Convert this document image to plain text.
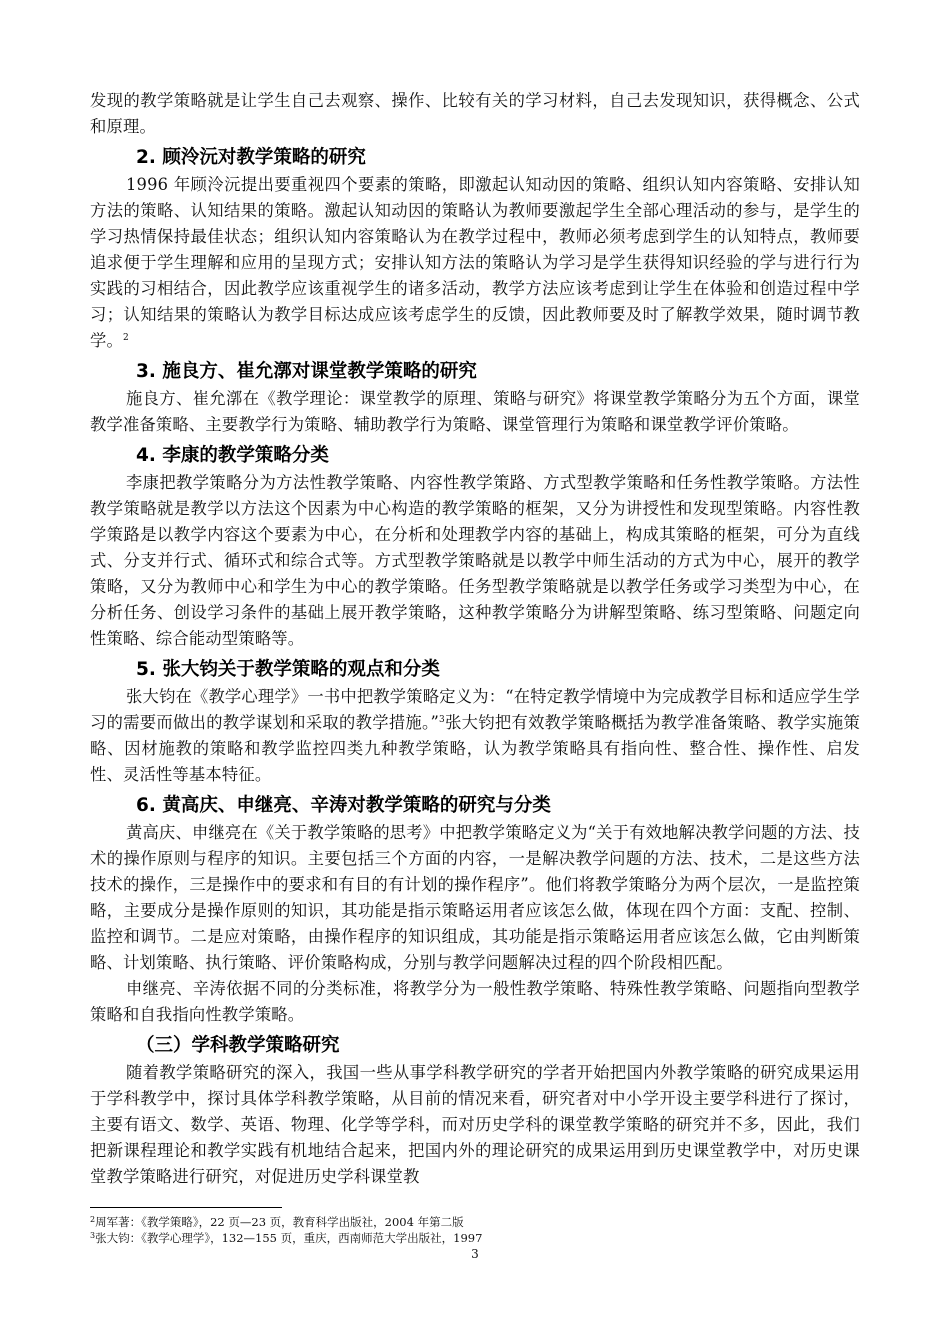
发现的教学策略就是让学生自己去观察、操作、比较有关的学习材料，自己去发现知识，获得概念、公式和原理。

2. 顾泠沅对教学策略的研究

1996 年顾泠沅提出要重视四个要素的策略，即激起认知动因的策略、组织认知内容策略、安排认知方法的策略、认知结果的策略。激起认知动因的策略认为教师要激起学生全部心理活动的参与，是学生的学习热情保持最佳状态；组织认知内容策略认为在教学过程中，教师必须考虑到学生的认知特点，教师要追求便于学生理解和应用的呈现方式；安排认知方法的策略认为学习是学生获得知识经验的学与进行行为实践的习相结合，因此教学应该重视学生的诸多活动，教学方法应该考虑到让学生在体验和创造过程中学习；认知结果的策略认为教学目标达成应该考虑学生的反馈，因此教师要及时了解教学效果，随时调节教学。$^2$

3. 施良方、崔允漷对课堂教学策略的研究

施良方、崔允漷在《教学理论：课堂教学的原理、策略与研究》将课堂教学策略分为五个方面，课堂教学准备策略、主要教学行为策略、辅助教学行为策略、课堂管理行为策略和课堂教学评价策略。

4. 李康的教学策略分类

李康把教学策略分为方法性教学策略、内容性教学策路、方式型教学策略和任务性教学策略。方法性教学策略就是教学以方法这个因素为中心构造的教学策略的框架，又分为讲授性和发现型策略。内容性教学策路是以教学内容这个要素为中心，在分析和处理教学内容的基础上，构成其策略的框架，可分为直线式、分支并行式、循环式和综合式等。方式型教学策略就是以教学中师生活动的方式为中心，展开的教学策略，又分为教师中心和学生为中心的教学策略。任务型教学策略就是以教学任务或学习类型为中心，在分析任务、创设学习条件的基础上展开教学策略，这种教学策略分为讲解型策略、练习型策略、问题定向性策略、综合能动型策略等。

5. 张大钧关于教学策略的观点和分类

张大钧在《教学心理学》一书中把教学策略定义为：“在特定教学情境中为完成教学目标和适应学生学习的需要而做出的教学谋划和采取的教学措施。”$^3$张大钧把有效教学策略概括为教学准备策略、教学实施策略、因材施教的策略和教学监控四类九种教学策略，认为教学策略具有指向性、整合性、操作性、启发性、灵活性等基本特征。

6. 黄高庆、申继亮、辛涛对教学策略的研究与分类

黄高庆、申继亮在《关于教学策略的思考》中把教学策略定义为“关于有效地解决教学问题的方法、技术的操作原则与程序的知识。主要包括三个方面的内容，一是解决教学问题的方法、技术，二是这些方法技术的操作，三是操作中的要求和有目的有计划的操作程序”。他们将教学策略分为两个层次，一是监控策略，主要成分是操作原则的知识，其功能是指示策略运用者应该怎么做，体现在四个方面：支配、控制、监控和调节。二是应对策略，由操作程序的知识组成，其功能是指示策略运用者应该怎么做，它由判断策略、计划策略、执行策略、评价策略构成，分别与教学问题解决过程的四个阶段相匹配。

申继亮、辛涛依据不同的分类标准，将教学分为一般性教学策略、特殊性教学策略、问题指向型教学策略和自我指向性教学策略。

（三）学科教学策略研究

随着教学策略研究的深入，我国一些从事学科教学研究的学者开始把国内外教学策略的研究成果运用于学科教学中，探讨具体学科教学策略，从目前的情况来看，研究者对中小学开设主要学科进行了探讨，主要有语文、数学、英语、物理、化学等学科，而对历史学科的课堂教学策略的研究并不多，因此，我们把新课程理论和教学实践有机地结合起来，把国内外的理论研究的成果运用到历史课堂教学中，对历史课堂教学策略进行研究，对促进历史学科课堂教

$^2$周军著：《教学策略》，22 页—23 页，教育科学出版社，2004 年第二版
$^3$张大钧：《教学心理学》，132—155 页，重庆，西南师范大学出版社，1997
3
